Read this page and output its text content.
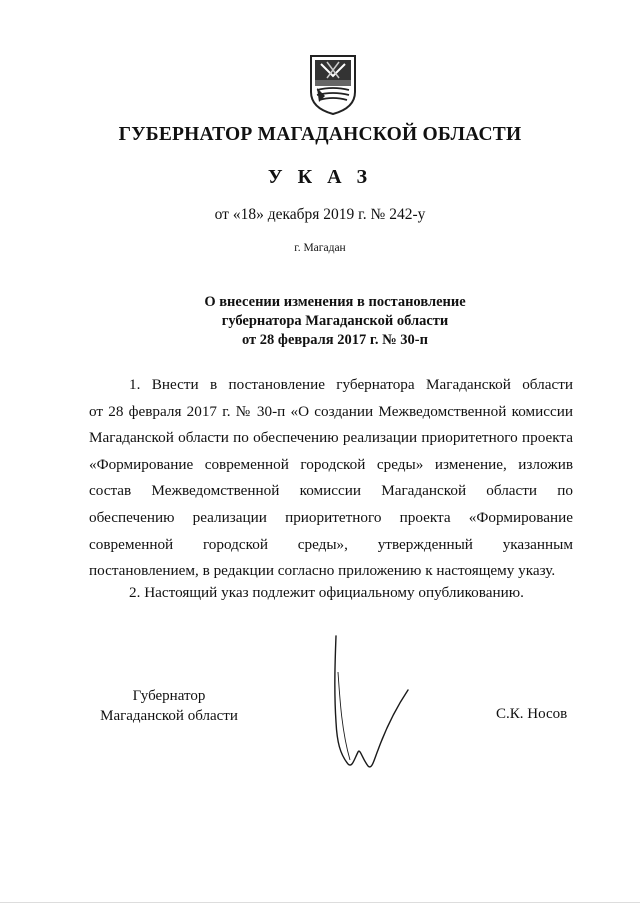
ГУБЕРНАТОР МАГАДАНСКОЙ ОБЛАСТИ
У К А З
от «18» декабря 2019 г. № 242-у
г. Магадан
О внесении изменения в постановление
губернатора Магаданской области
от 28 февраля 2017 г. № 30-п
1. Внести в постановление губернатора Магаданской области
от 28 февраля 2017 г. № 30-п «О создании Межведомственной комиссии
Магаданской области по обеспечению реализации приоритетного проекта
«Формирование современной городской среды» изменение, изложив
состав Межведомственной комиссии Магаданской области по
обеспечению реализации приоритетного проекта «Формирование
современной городской среды», утвержденный указанным
постановлением, в редакции согласно приложению к настоящему указу.
2. Настоящий указ подлежит официальному опубликованию.
Губернатор
Магаданской области	С.К. Носов
